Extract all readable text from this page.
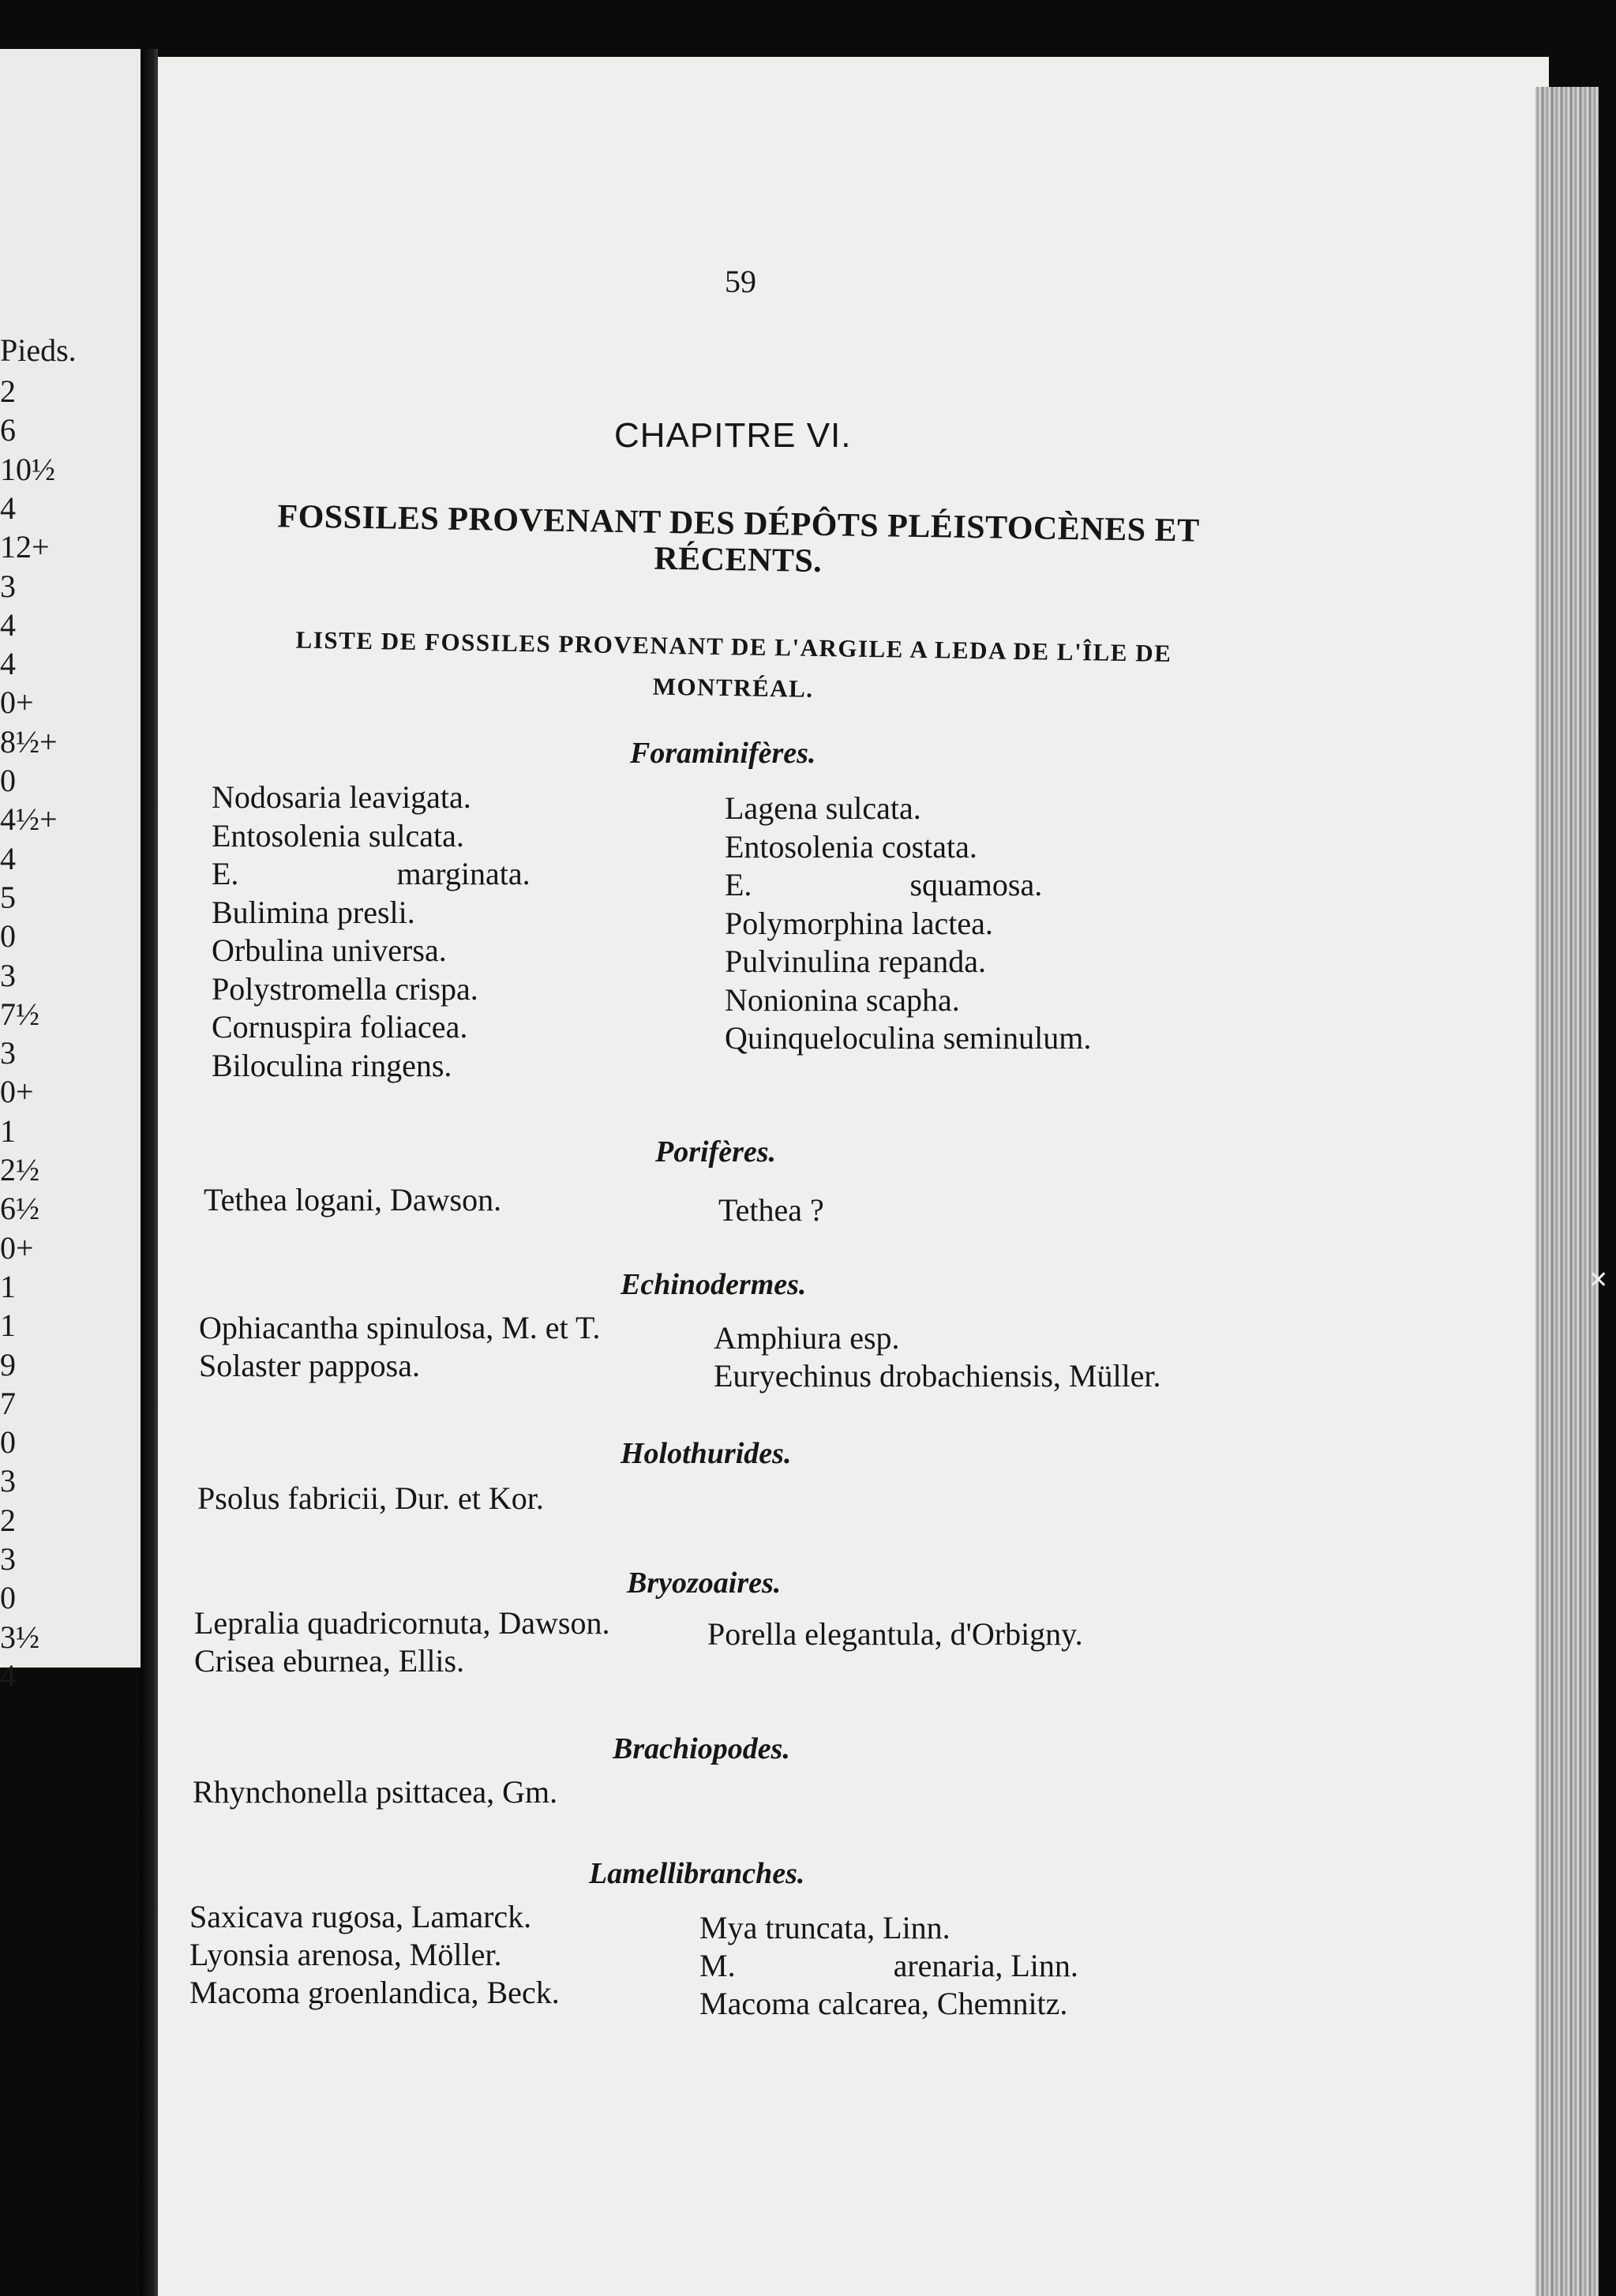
Pieds.
2
6
10½
4
12+
3
4
4
0+
8½+
0
4½+
4
5
0
3
7½
3
0+
1
2½
6½
0+
1
1
9
7
0
3
2
3
0
3½
4
✕
59
CHAPITRE VI.
FOSSILES PROVENANT DES DÉPÔTS PLÉISTOCÈNES ET RÉCENTS.
LISTE DE FOSSILES PROVENANT DE L'ARGILE A LEDA DE L'ÎLE DE MONTRÉAL.
Foraminifères.
Nodosaria leavigata.
Entosolenia sulcata.
E.	marginata.
Bulimina presli.
Orbulina universa.
Polystromella crispa.
Cornuspira foliacea.
Biloculina ringens.
Lagena sulcata.
Entosolenia costata.
E.	squamosa.
Polymorphina lactea.
Pulvinulina repanda.
Nonionina scapha.
Quinqueloculina seminulum.
Porifères.
Tethea logani, Dawson.	Tethea ?
Echinodermes.
Ophiacantha spinulosa, M. et T.
Solaster papposa.
Amphiura esp.
Euryechinus drobachiensis, Müller.
Holothurides.
Psolus fabricii, Dur. et Kor.
Bryozoaires.
Lepralia quadricornuta, Dawson.
Crisea eburnea, Ellis.
Porella elegantula, d'Orbigny.
Brachiopodes.
Rhynchonella psittacea, Gm.
Lamellibranches.
Saxicava rugosa, Lamarck.
Lyonsia arenosa, Möller.
Macoma groenlandica, Beck.
Mya truncata, Linn.
M.	arenaria, Linn.
Macoma calcarea, Chemnitz.
